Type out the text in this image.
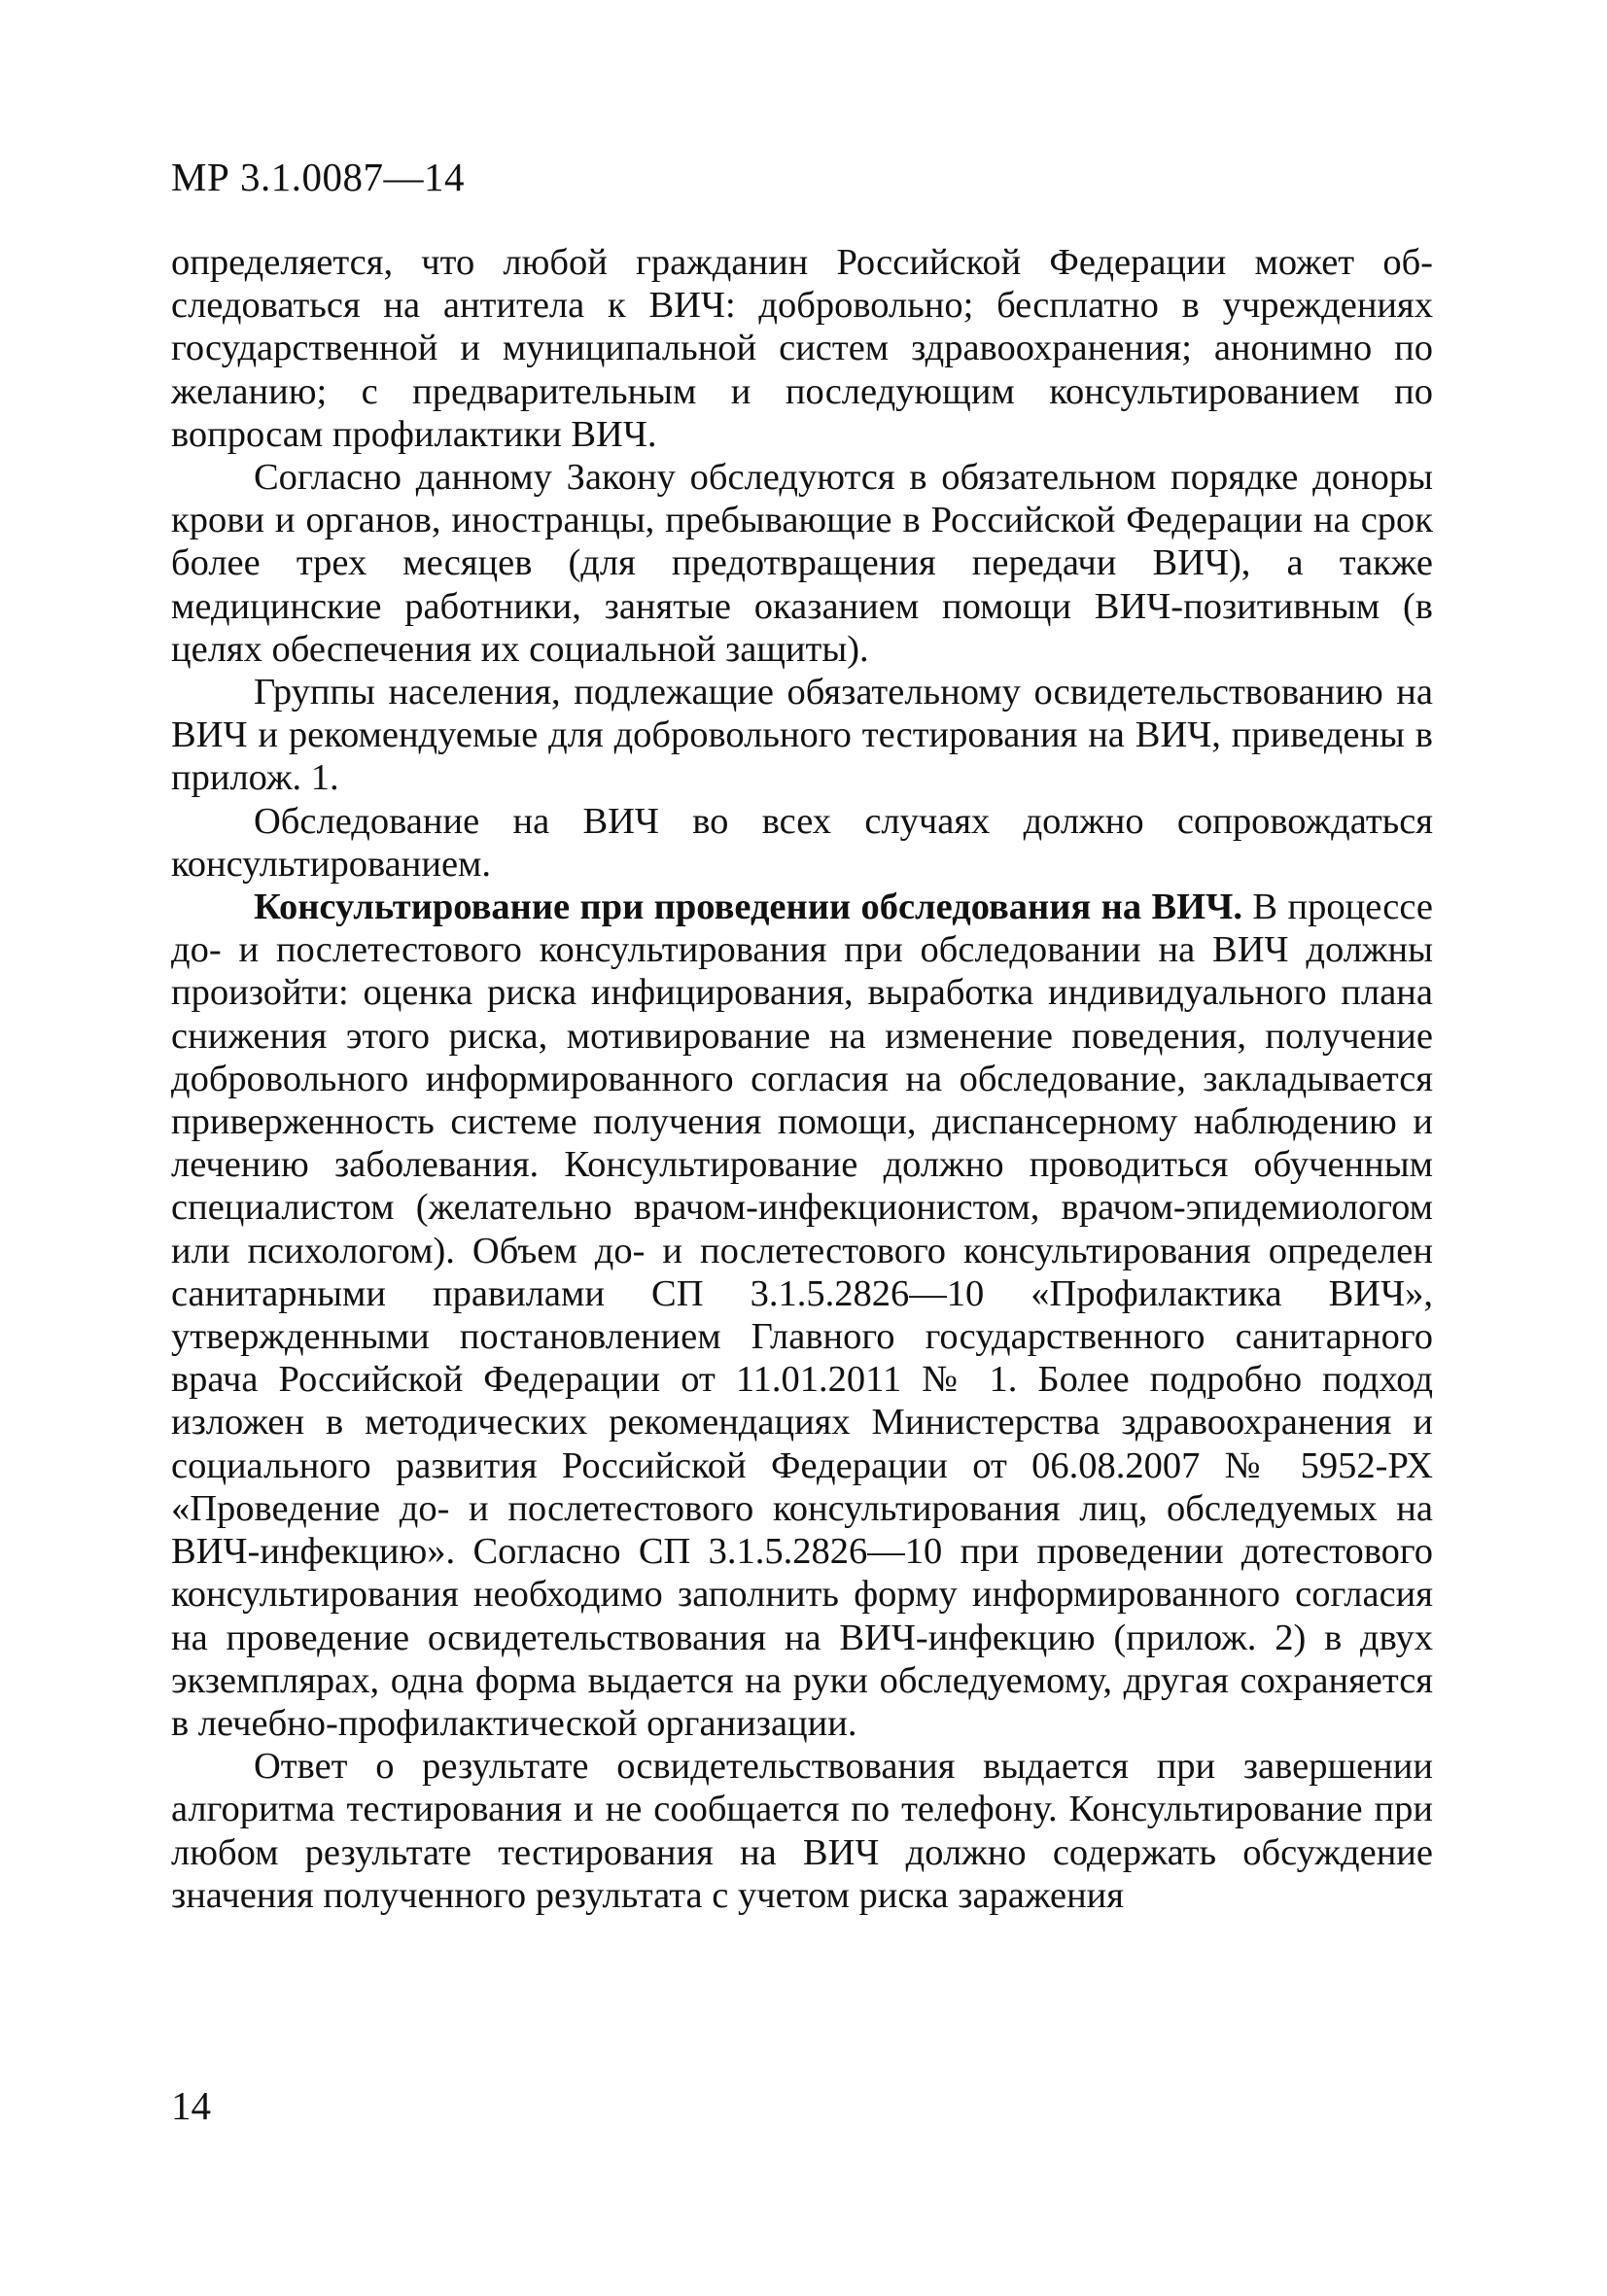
МР 3.1.0087—14

определяется, что любой гражданин Российской Федерации может обследоваться на антитела к ВИЧ: добровольно; бесплатно в учреждениях государственной и муниципальной систем здравоохранения; анонимно по желанию; с предварительным и последующим консультированием по вопросам профилактики ВИЧ.

Согласно данному Закону обследуются в обязательном порядке доноры крови и органов, иностранцы, пребывающие в Российской Федерации на срок более трех месяцев (для предотвращения передачи ВИЧ), а также медицинские работники, занятые оказанием помощи ВИЧ-позитивным (в целях обеспечения их социальной защиты).

Группы населения, подлежащие обязательному освидетельствованию на ВИЧ и рекомендуемые для добровольного тестирования на ВИЧ, приведены в прилож. 1.

Обследование на ВИЧ во всех случаях должно сопровождаться консультированием.

Консультирование при проведении обследования на ВИЧ. В процессе до- и послетестового консультирования при обследовании на ВИЧ должны произойти: оценка риска инфицирования, выработка индивидуального плана снижения этого риска, мотивирование на изменение поведения, получение добровольного информированного согласия на обследование, закладывается приверженность системе получения помощи, диспансерному наблюдению и лечению заболевания. Консультирование должно проводиться обученным специалистом (желательно врачом-инфекционистом, врачом-эпидемиологом или психологом). Объем до- и послетестового консультирования определен санитарными правилами СП 3.1.5.2826—10 «Профилактика ВИЧ», утвержденными постановлением Главного государственного санитарного врача Российской Федерации от 11.01.2011 № 1. Более подробно подход изложен в методических рекомендациях Министерства здравоохранения и социального развития Российской Федерации от 06.08.2007 № 5952-РХ «Проведение до- и послетестового консультирования лиц, обследуемых на ВИЧ-инфекцию». Согласно СП 3.1.5.2826—10 при проведении дотестового консультирования необходимо заполнить форму информированного согласия на проведение освидетельствования на ВИЧ-инфекцию (прилож. 2) в двух экземплярах, одна форма выдается на руки обследуемому, другая сохраняется в лечебно-профилактической организации.

Ответ о результате освидетельствования выдается при завершении алгоритма тестирования и не сообщается по телефону. Консультирование при любом результате тестирования на ВИЧ должно содержать обсуждение значения полученного результата с учетом риска заражения

14
